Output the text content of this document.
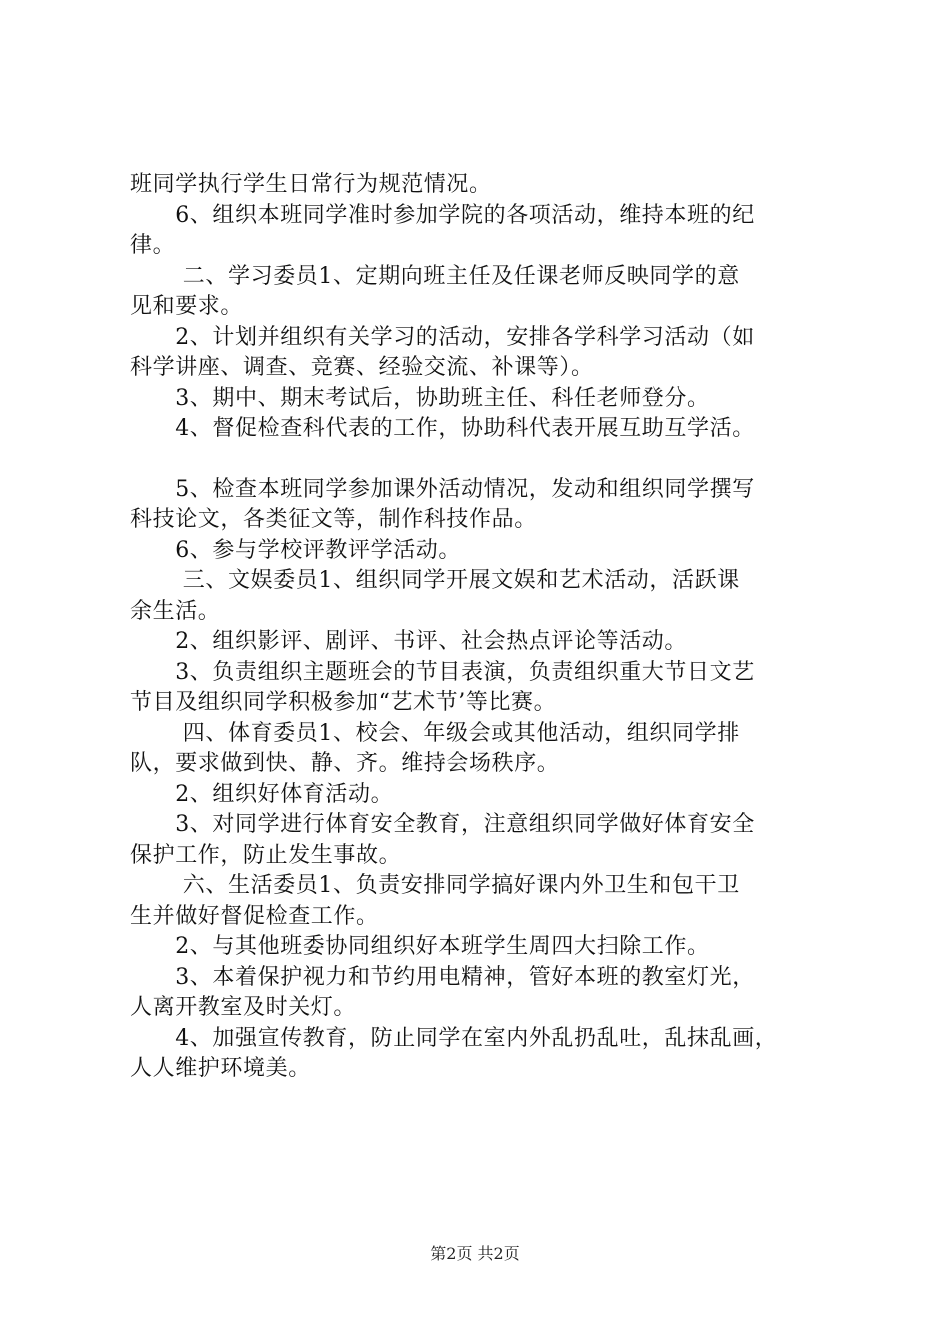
班同学执行学生日常行为规范情况。
　　6、组织本班同学准时参加学院的各项活动，维持本班的纪
律。
　　 二、学习委员1、定期向班主任及任课老师反映同学的意
见和要求。
　　2、计划并组织有关学习的活动，安排各学科学习活动（如
科学讲座、调查、竞赛、经验交流、补课等）。
　　3、期中、期末考试后，协助班主任、科任老师登分。
　　4、督促检查科代表的工作，协助科代表开展互助互学活。
　　5、检查本班同学参加课外活动情况，发动和组织同学撰写
科技论文，各类征文等，制作科技作品。
　　6、参与学校评教评学活动。
　　 三、文娱委员1、组织同学开展文娱和艺术活动，活跃课
余生活。
　　2、组织影评、剧评、书评、社会热点评论等活动。
　　3、负责组织主题班会的节目表演，负责组织重大节日文艺
节目及组织同学积极参加“艺术节’等比赛。
　　 四、体育委员1、校会、年级会或其他活动，组织同学排
队，要求做到快、静、齐。维持会场秩序。
　　2、组织好体育活动。
　　3、对同学进行体育安全教育，注意组织同学做好体育安全
保护工作，防止发生事故。
　　 六、生活委员1、负责安排同学搞好课内外卫生和包干卫
生并做好督促检查工作。
　　2、与其他班委协同组织好本班学生周四大扫除工作。
　　3、本着保护视力和节约用电精神，管好本班的教室灯光，
人离开教室及时关灯。
　　4、加强宣传教育，防止同学在室内外乱扔乱吐，乱抹乱画，
人人维护环境美。
第2页 共2页
